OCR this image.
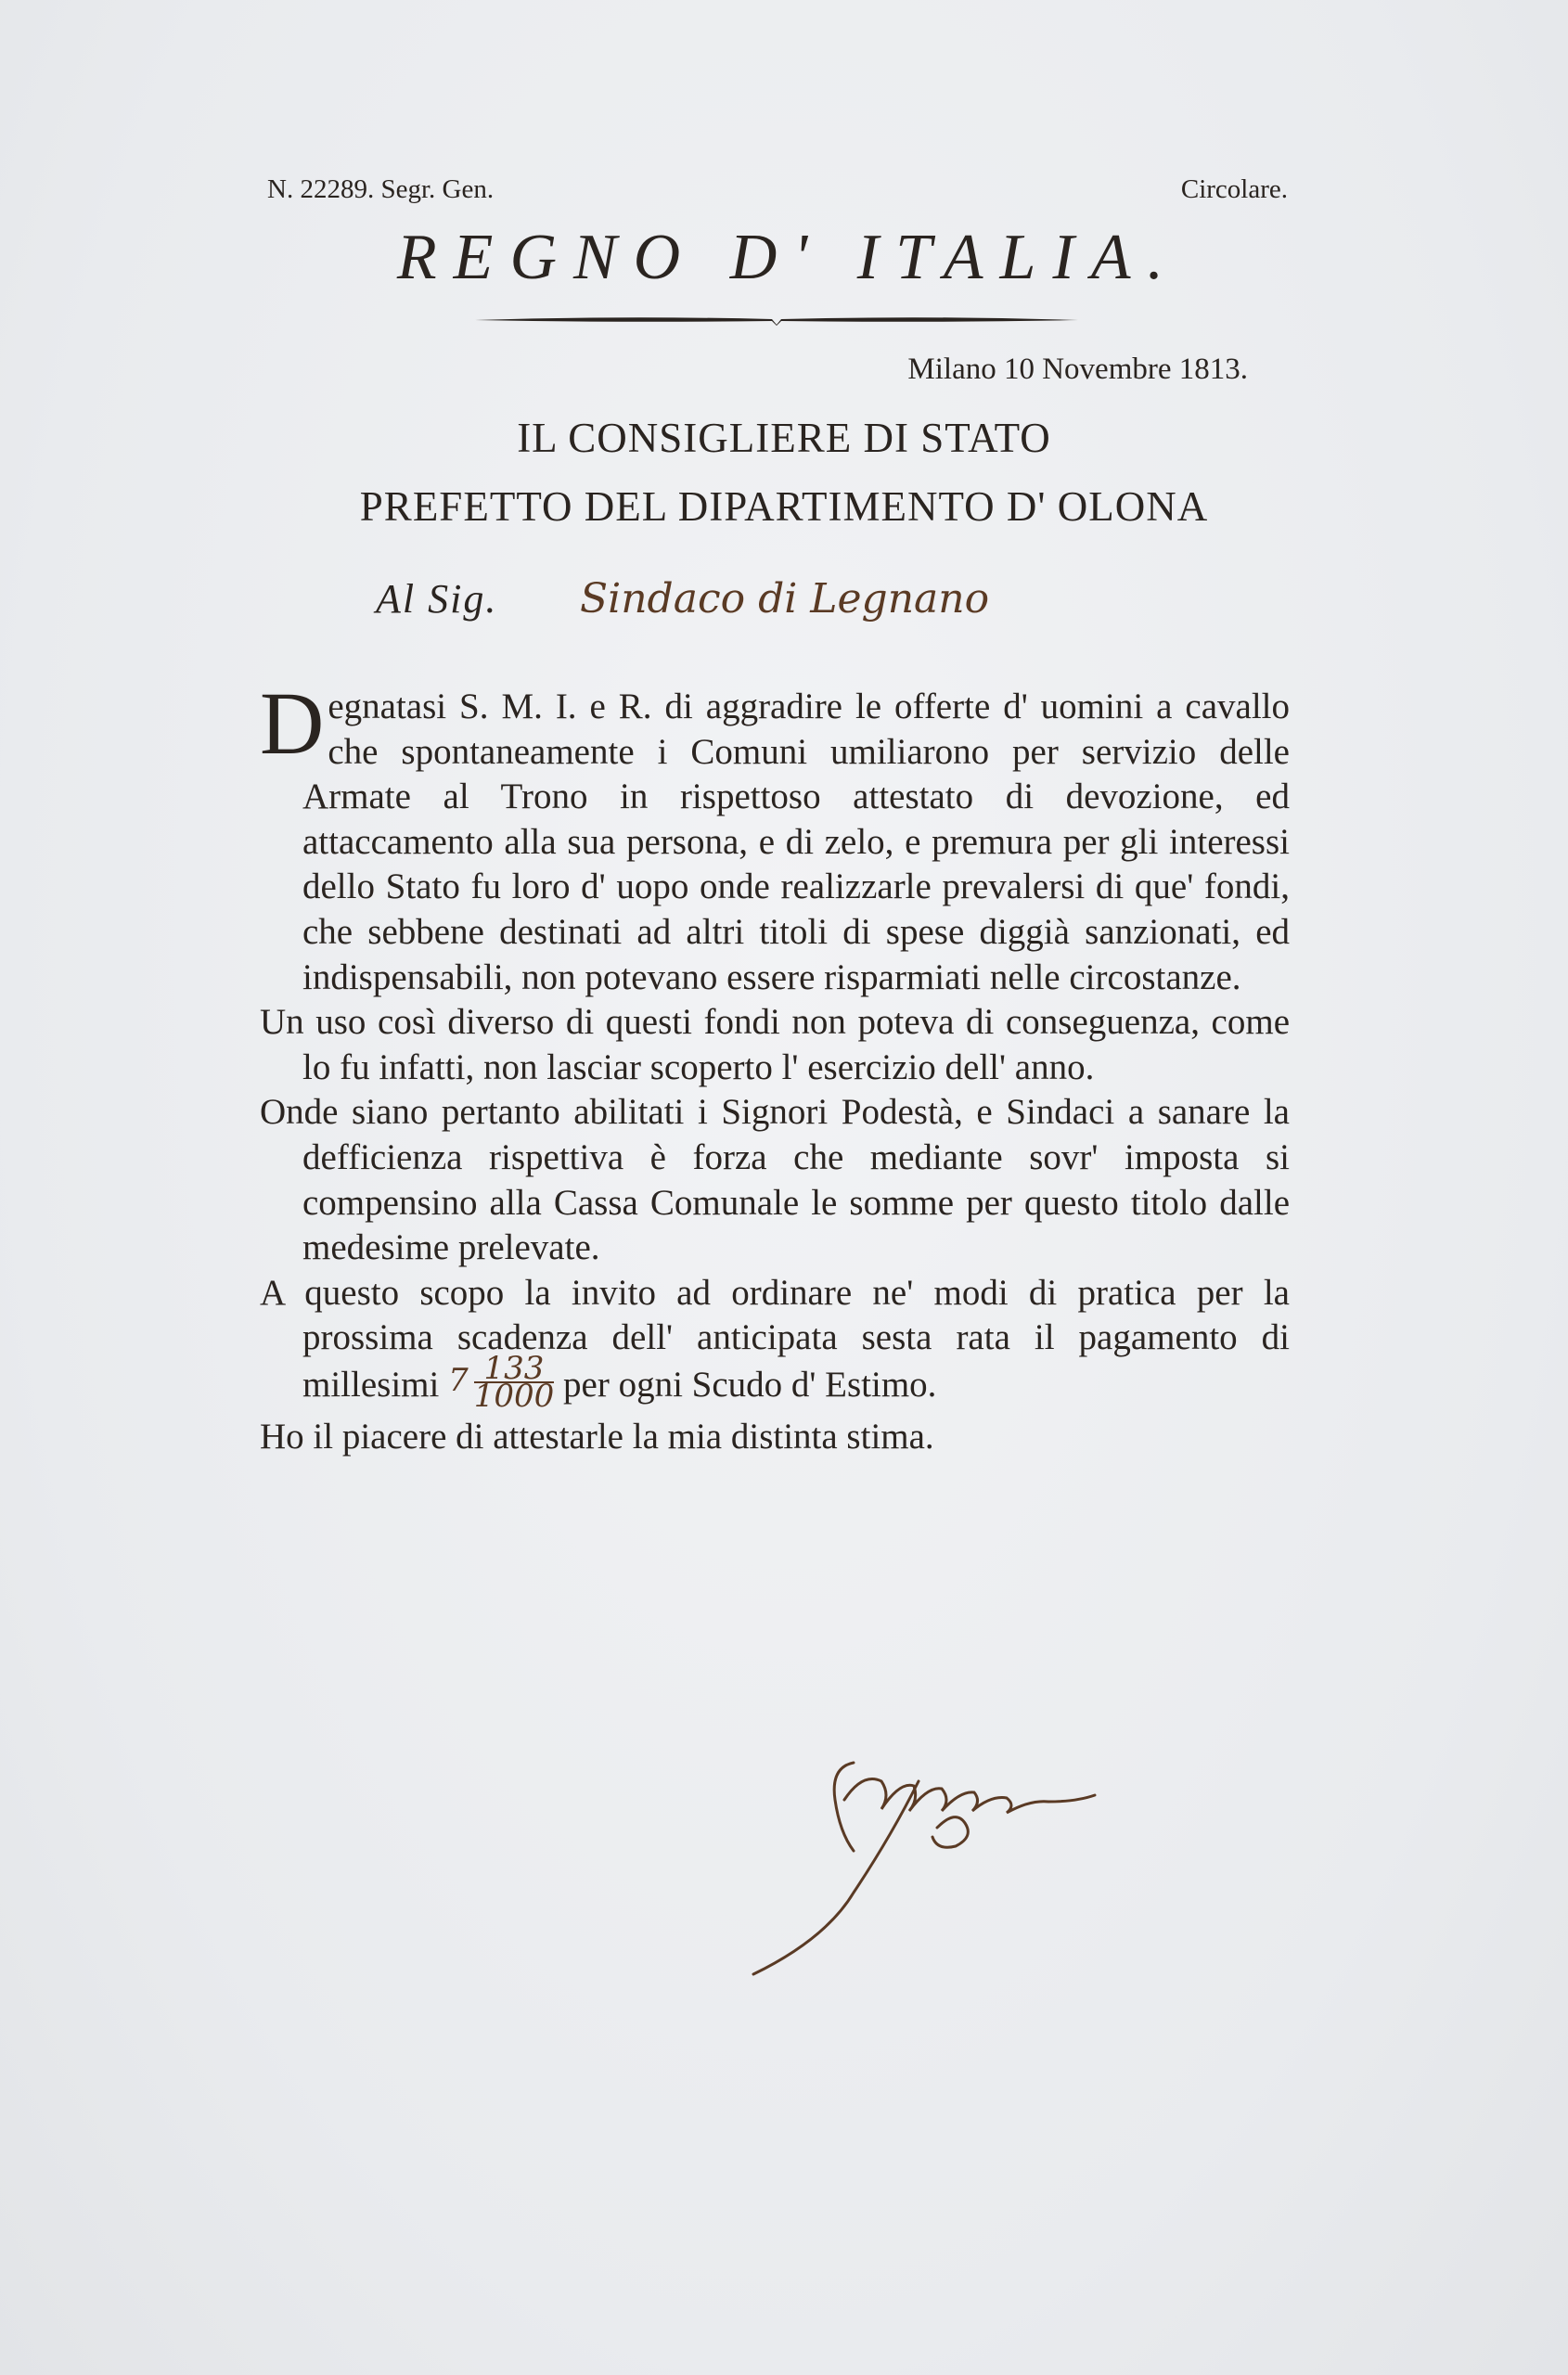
N. 22289. Segr. Gen.	Circolare.
REGNO D' ITALIA.
Milano 10 Novembre 1813.
IL CONSIGLIERE DI STATO
PREFETTO DEL DIPARTIMENTO D' OLONA
Al Sig. Sindaco di Legnano

Degnatasi S. M. I. e R. di aggradire le offerte d' uomini a cavallo che spontaneamente i Comuni umiliarono per servizio delle Armate al Trono in rispettoso attestato di devozione, ed attaccamento alla sua persona, e di zelo, e premura per gli interessi dello Stato fu loro d' uopo onde realizzarle prevalersi di que' fondi, che sebbene destinati ad altri titoli di spese diggià sanzionati, ed indispensabili, non potevano essere risparmiati nelle circostanze.

Un uso così diverso di questi fondi non poteva di conseguenza, come lo fu infatti, non lasciar scoperto l' esercizio dell' anno.

Onde siano pertanto abilitati i Signori Podestà, e Sindaci a sanare la defficienza rispettiva è forza che mediante sovr' imposta si compensino alla Cassa Comunale le somme per questo titolo dalle medesime prelevate.

A questo scopo la invito ad ordinare ne' modi di pratica per la prossima scadenza dell' anticipata sesta rata il pagamento di millesimi $7 \frac{133}{1000}$ per ogni Scudo d' Estimo.

Ho il piacere di attestarle la mia distinta stima.
